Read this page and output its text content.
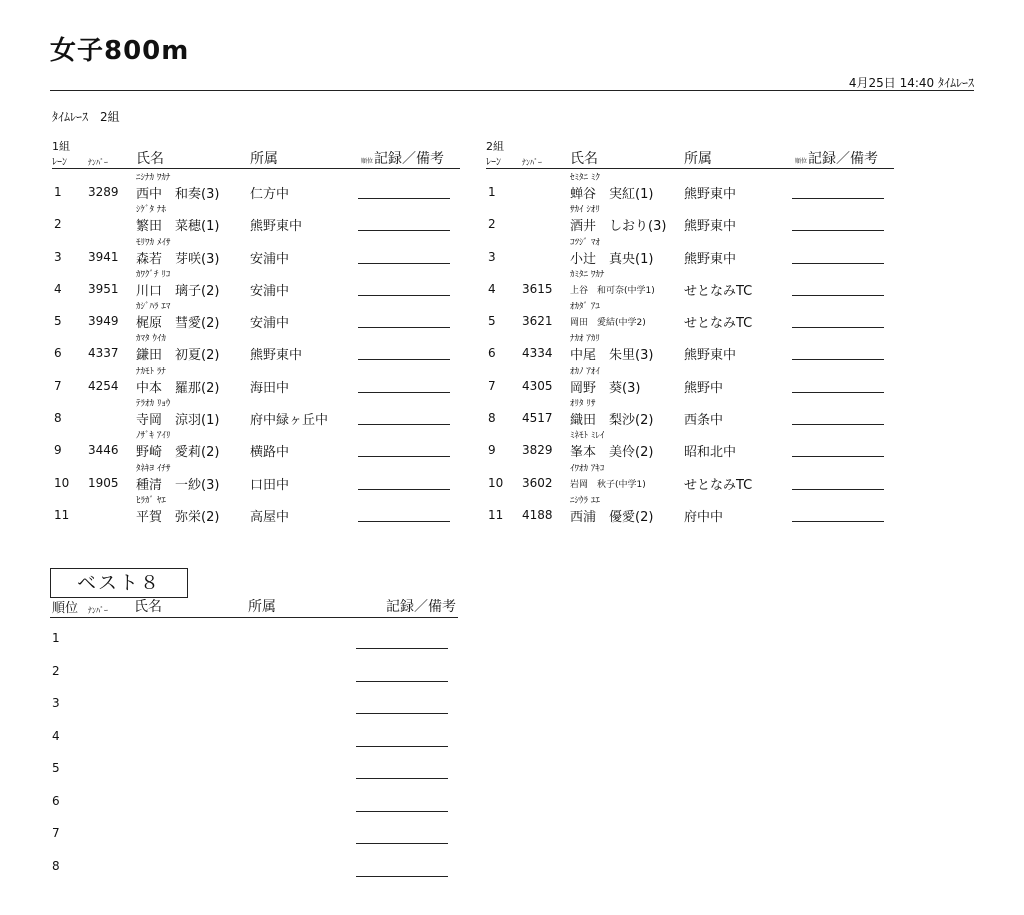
女子800m
4月25日 14:40 ﾀｲﾑﾚｰｽ
ﾀｲﾑﾚｰｽ　2組
1組
ﾚｰﾝ	ﾅﾝﾊﾞｰ 氏名	所属	順位 記録／備考
ﾆｼﾅｶ ﾜｶﾅ
1 3289 西中　和奏(3) 仁方中
ｼｹﾞﾀ ﾅﾎ
2	繁田　菜穂(1) 熊野東中
ﾓﾘﾜｶ ﾒｲｻ
3 3941 森若　芽咲(3) 安浦中
ｶﾜｸﾞﾁ ﾘｺ
4 3951 川口　璃子(2) 安浦中
ｶｼﾞﾊﾗ ｴﾏ
5 3949 梶原　彗愛(2) 安浦中
ｶﾏﾀ ｳｲｶ
6 4337 鎌田　初夏(2) 熊野東中
ﾅｶﾓﾄ ﾗﾅ
7 4254 中本　羅那(2) 海田中
ﾃﾗｵｶ ﾘｮｳ
8	寺岡　涼羽(1) 府中緑ヶ丘中
ﾉｻﾞｷ ｱｲﾘ
9 3446 野崎　愛莉(2) 横路中
ﾀﾈｷﾖ ｲﾁｻ
10 1905 種清　一紗(3) 口田中
ﾋﾗｶﾞ ﾔｴ
11	平賀　弥栄(2) 高屋中
2組
ﾚｰﾝ	ﾅﾝﾊﾞｰ 氏名	所属	順位 記録／備考
ｾﾐﾀﾆ ﾐｸ
1	蝉谷　実紅(1) 熊野東中
ｻｶｲ ｼｵﾘ
2	酒井　しおり(3) 熊野東中
ｺﾂｼﾞ ﾏｵ
3	小辻　真央(1) 熊野東中
ｶﾐﾀﾆ ﾜｶﾅ
4 3615 上谷　和可奈(中学1) せとなみTC
ｵｶﾀﾞ ｱﾕ
5 3621 岡田　愛結(中学2)	せとなみTC
ﾅｶｵ ｱｶﾘ
6 4334 中尾　朱里(3) 熊野東中
ｵｶﾉ ｱｵｲ
7 4305 岡野　葵(3)	熊野中
ｵﾘﾀ ﾘｻ
8 4517 織田　梨沙(2) 西条中
ﾐﾈﾓﾄ ﾐﾚｲ
9 3829 峯本　美伶(2) 昭和北中
ｲﾜｵｶ ｱｷｺ
10 3602 岩岡　秋子(中学1)	せとなみTC
ﾆｼｳﾗ ﾕｴ
11 4188 西浦　優愛(2) 府中中
ベスト８
順位 ﾅﾝﾊﾞｰ 氏名	所属	記録／備考
1
2
3
4
5
6
7
8
